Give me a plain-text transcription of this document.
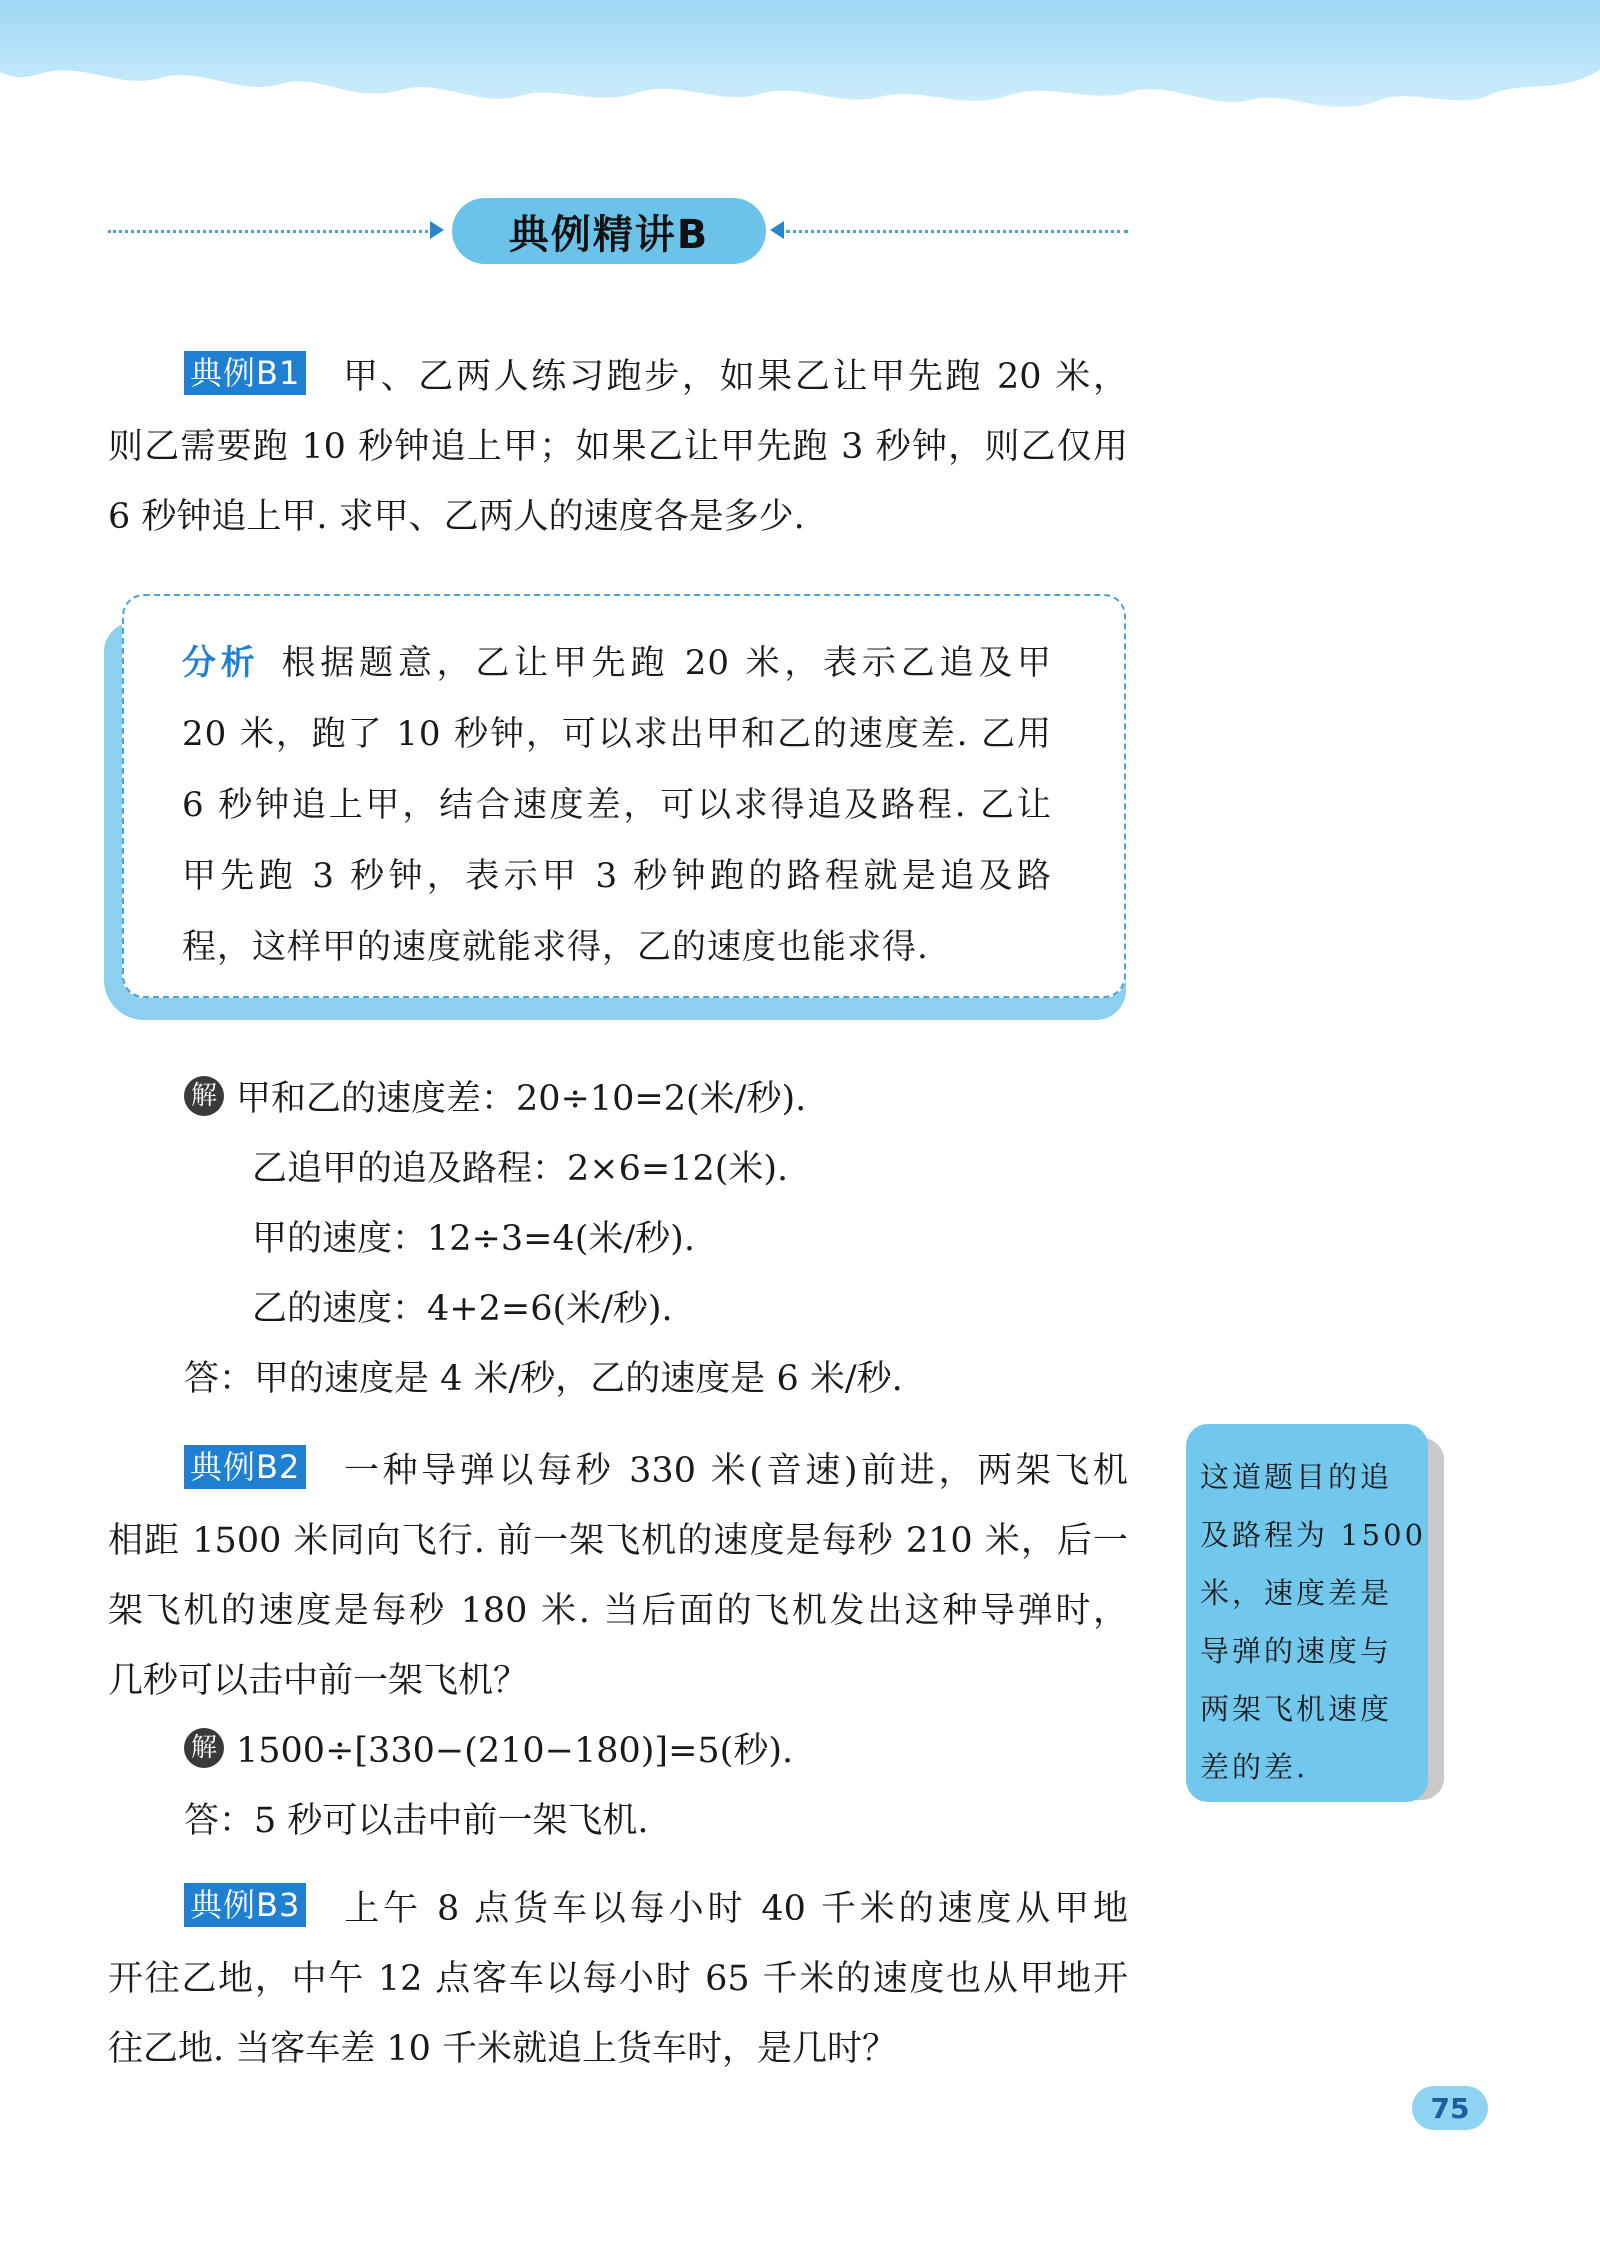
典例精讲B
典例B1 甲、乙两人练习跑步，如果乙让甲先跑 20 米，
则乙需要跑 10 秒钟追上甲；如果乙让甲先跑 3 秒钟，则乙仅用
6 秒钟追上甲. 求甲、乙两人的速度各是多少.
分析 根据题意，乙让甲先跑 20 米，表示乙追及甲
20 米，跑了 10 秒钟，可以求出甲和乙的速度差. 乙用
6 秒钟追上甲，结合速度差，可以求得追及路程. 乙让
甲先跑 3 秒钟，表示甲 3 秒钟跑的路程就是追及路
程，这样甲的速度就能求得，乙的速度也能求得.
解 甲和乙的速度差：20÷10=2(米/秒).
乙追甲的追及路程：2×6=12(米).
甲的速度：12÷3=4(米/秒).
乙的速度：4+2=6(米/秒).
答：甲的速度是 4 米/秒，乙的速度是 6 米/秒.
典例B2 一种导弹以每秒 330 米(音速)前进，两架飞机
相距 1500 米同向飞行. 前一架飞机的速度是每秒 210 米，后一
架飞机的速度是每秒 180 米. 当后面的飞机发出这种导弹时，
几秒可以击中前一架飞机？
解 1500÷[330−(210−180)]=5(秒).
答：5 秒可以击中前一架飞机.
这道题目的追
及路程为 1500
米，速度差是
导弹的速度与
两架飞机速度
差的差.
典例B3 上午 8 点货车以每小时 40 千米的速度从甲地
开往乙地，中午 12 点客车以每小时 65 千米的速度也从甲地开
往乙地. 当客车差 10 千米就追上货车时，是几时？
75
